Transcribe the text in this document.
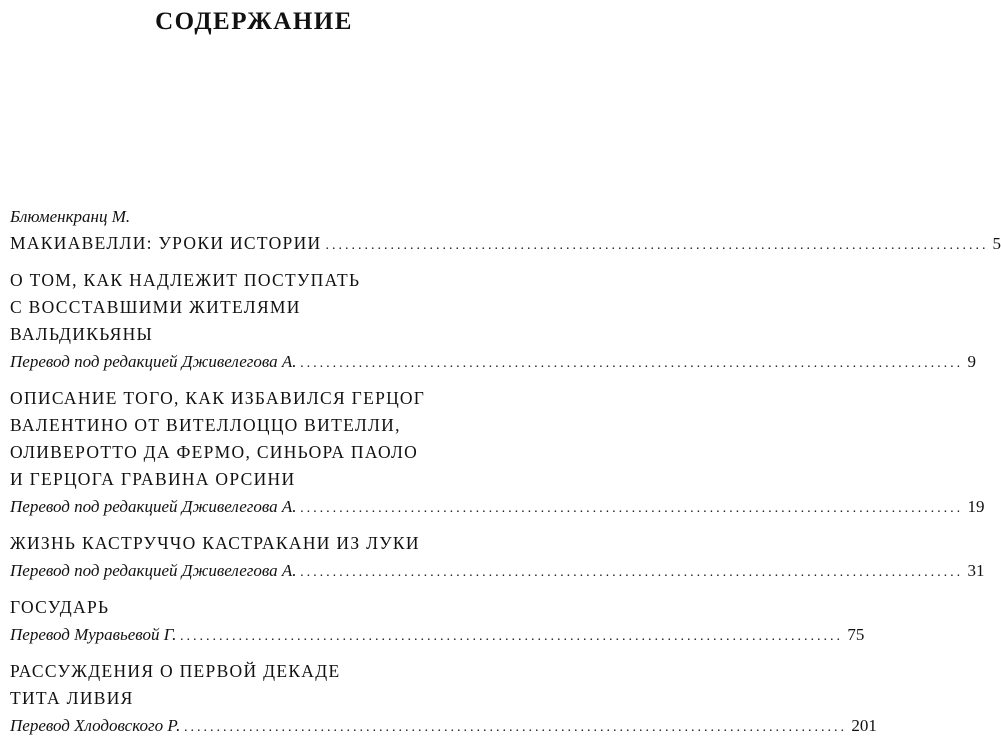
СОДЕРЖАНИЕ
Блюменкранц М.
МАКИАВЕЛЛИ: УРОКИ ИСТОРИИ ...................................................................................................... 5
О ТОМ, КАК НАДЛЕЖИТ ПОСТУПАТЬ
С ВОССТАВШИМИ ЖИТЕЛЯМИ
ВАЛЬДИКЬЯНЫ
Перевод под редакцией Дживелегова А. ...................................................................................................... 9
ОПИСАНИЕ ТОГО, КАК ИЗБАВИЛСЯ ГЕРЦОГ
ВАЛЕНТИНО ОТ ВИТЕЛЛОЦЦО ВИТЕЛЛИ,
ОЛИВЕРОТТО ДА ФЕРМО, СИНЬОРА ПАОЛО
И ГЕРЦОГА ГРАВИНА ОРСИНИ
Перевод под редакцией Дживелегова А. ...................................................................................................... 19
ЖИЗНЬ КАСТРУЧЧО КАСТРАКАНИ ИЗ ЛУКИ
Перевод под редакцией Дживелегова А. ...................................................................................................... 31
ГОСУДАРЬ
Перевод Муравьевой Г. ...................................................................................................... 75
РАССУЖДЕНИЯ О ПЕРВОЙ ДЕКАДЕ
ТИТА ЛИВИЯ
Перевод Хлодовского Р. ...................................................................................................... 201
